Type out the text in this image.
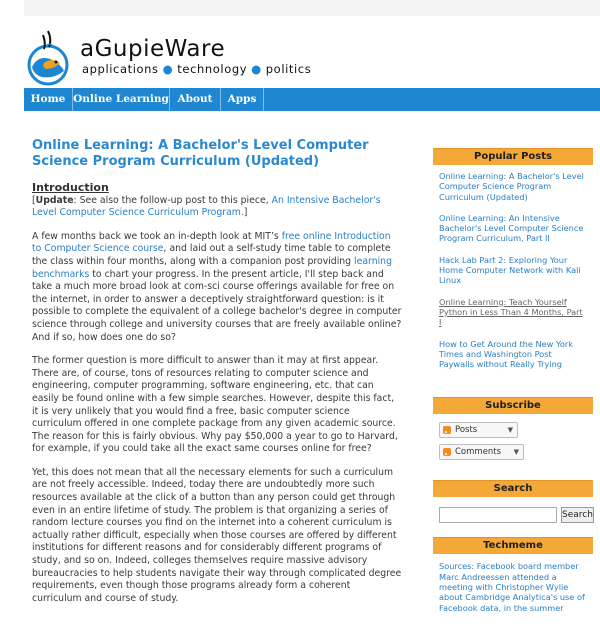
aGupieWare
applications ● technology ● politics
Home Online Learning About	Apps
Online Learning: A Bachelor's Level Computer Science Program Curriculum (Updated)
Introduction

[Update: See also the follow-up post to this piece, An Intensive Bachelor's Level Computer Science Curriculum Program.]

A few months back we took an in-depth look at MIT’s free online Introduction to Computer Science course, and laid out a self-study time table to complete the class within four months, along with a companion post providing learning benchmarks to chart your progress. In the present article, I'll step back and take a much more broad look at com-sci course offerings available for free on the internet, in order to answer a deceptively straightforward question: is it possible to complete the equivalent of a college bachelor's degree in computer science through college and university courses that are freely available online? And if so, how does one do so?

The former question is more difficult to answer than it may at first appear. There are, of course, tons of resources relating to computer science and engineering, computer programming, software engineering, etc. that can easily be found online with a few simple searches. However, despite this fact, it is very unlikely that you would find a free, basic computer science curriculum offered in one complete package from any given academic source. The reason for this is fairly obvious. Why pay $50,000 a year to go to Harvard, for example, if you could take all the exact same courses online for free?

Yet, this does not mean that all the necessary elements for such a curriculum are not freely accessible. Indeed, today there are undoubtedly more such resources available at the click of a button than any person could get through even in an entire lifetime of study. The problem is that organizing a series of random lecture courses you find on the internet into a coherent curriculum is actually rather difficult, especially when those courses are offered by different institutions for different reasons and for considerably different programs of study, and so on. Indeed, colleges themselves require massive advisory bureaucracies to help students navigate their way through complicated degree requirements, even though those programs already form a coherent curriculum and course of study.

Popular Posts
Online Learning: A Bachelor's Level Computer Science Program Curriculum (Updated)
Online Learning: An Intensive Bachelor's Level Computer Science Program Curriculum, Part II
Hack Lab Part 2: Exploring Your Home Computer Network with Kali Linux
Online Learning: Teach Yourself Python in Less Than 4 Months, Part I
How to Get Around the New York Times and Washington Post Paywalls without Really Trying
Subscribe
Posts	▼
Comments ▼
Search
Search
Techmeme
Sources: Facebook board member Marc Andreessen attended a meeting with Christopher Wylie about Cambridge Analytica's use of Facebook data, in the summer
